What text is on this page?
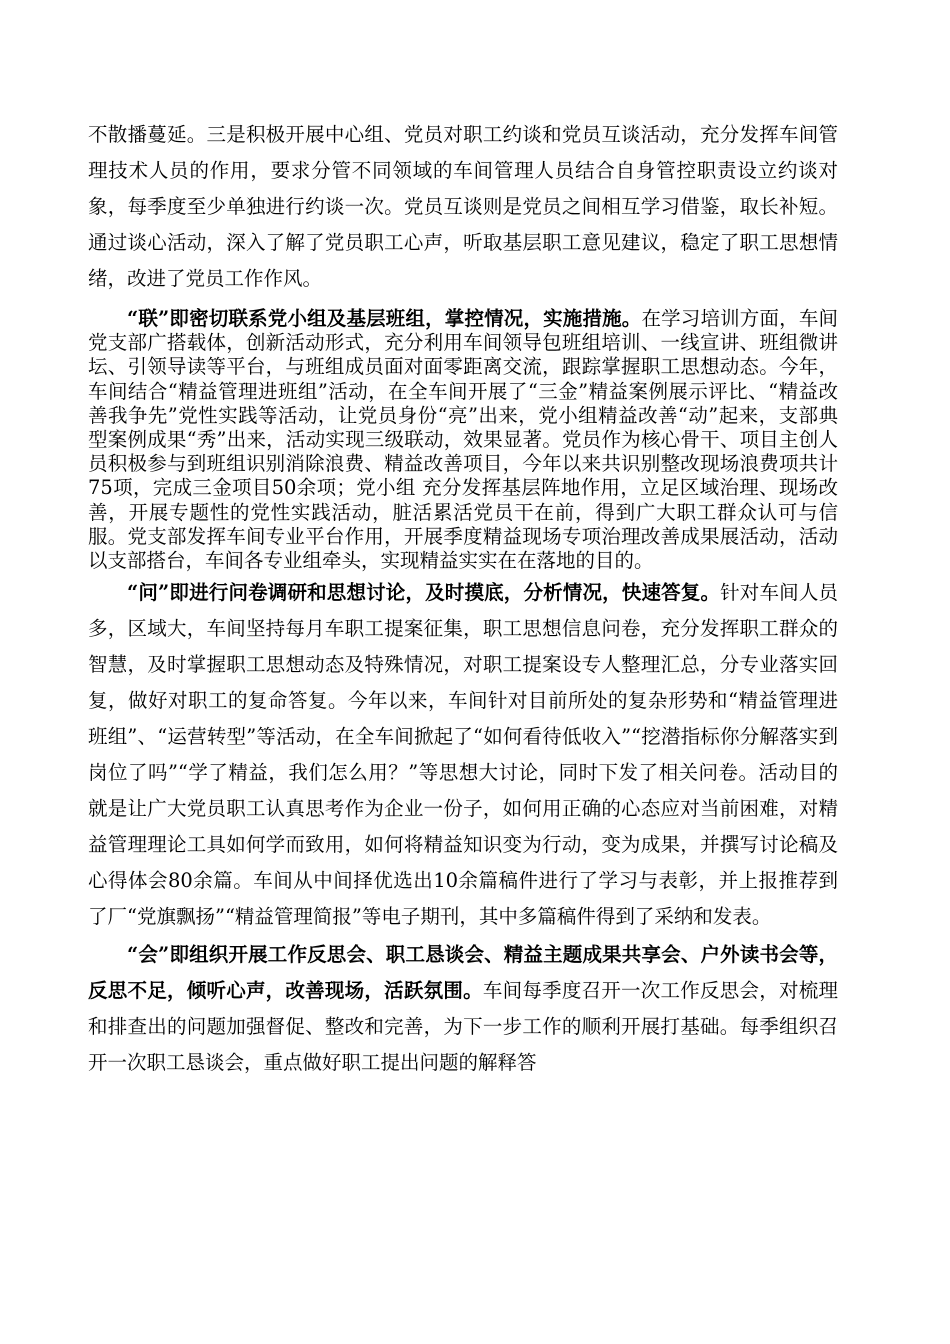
不散播蔓延。三是积极开展中心组、党员对职工约谈和党员互谈活动，充分发挥车间管理技术人员的作用，要求分管不同领域的车间管理人员结合自身管控职责设立约谈对象，每季度至少单独进行约谈一次。党员互谈则是党员之间相互学习借鉴，取长补短。通过谈心活动，深入了解了党员职工心声，听取基层职工意见建议，稳定了职工思想情绪，改进了党员工作作风。

“联”即密切联系党小组及基层班组，掌控情况，实施措施。在学习培训方面，车间党支部广搭载体，创新活动形式，充分利用车间领导包班组培训、一线宣讲、班组微讲坛、引领导读等平台，与班组成员面对面零距离交流，跟踪掌握职工思想动态。今年，车间结合“精益管理进班组”活动，在全车间开展了“三金”精益案例展示评比、“精益改善我争先”党性实践等活动，让党员身份“亮”出来，党小组精益改善“动”起来，支部典型案例成果“秀”出来，活动实现三级联动，效果显著。党员作为核心骨干、项目主创人员积极参与到班组识别消除浪费、精益改善项目，今年以来共识别整改现场浪费项共计75项，完成三金项目50余项；党小组 充分发挥基层阵地作用，立足区域治理、现场改善，开展专题性的党性实践活动，脏活累活党员干在前，得到广大职工群众认可与信服。党支部发挥车间专业平台作用，开展季度精益现场专项治理改善成果展活动，活动以支部搭台，车间各专业组牵头，实现精益实实在在落地的目的。

“问”即进行问卷调研和思想讨论，及时摸底，分析情况，快速答复。针对车间人员多，区域大，车间坚持每月车职工提案征集，职工思想信息问卷，充分发挥职工群众的智慧，及时掌握职工思想动态及特殊情况，对职工提案设专人整理汇总，分专业落实回复，做好对职工的复命答复。今年以来，车间针对目前所处的复杂形势和“精益管理进班组”、“运营转型”等活动，在全车间掀起了“如何看待低收入”“挖潜指标你分解落实到岗位了吗”“学了精益，我们怎么用？”等思想大讨论，同时下发了相关问卷。活动目的就是让广大党员职工认真思考作为企业一份子，如何用正确的心态应对当前困难，对精益管理理论工具如何学而致用，如何将精益知识变为行动，变为成果，并撰写讨论稿及心得体会80余篇。车间从中间择优选出10余篇稿件进行了学习与表彰，并上报推荐到了厂“党旗飘扬”“精益管理简报”等电子期刊，其中多篇稿件得到了采纳和发表。

“会”即组织开展工作反思会、职工恳谈会、精益主题成果共享会、户外读书会等，反思不足，倾听心声，改善现场，活跃氛围。车间每季度召开一次工作反思会，对梳理和排查出的问题加强督促、整改和完善，为下一步工作的顺利开展打基础。每季组织召开一次职工恳谈会，重点做好职工提出问题的解释答
